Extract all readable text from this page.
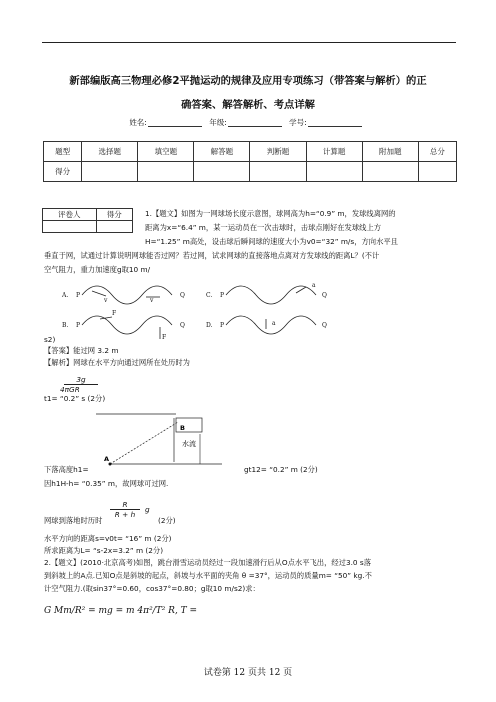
新部编版高三物理必修2平抛运动的规律及应用专项练习（带答案与解析）的正
确答案、解答解析、考点详解
姓名:	年级:	学号:
题型	选择题	填空题	解答题	判断题	计算题	附加题	总分
得分							
评卷人	得分
		1.【题文】如图为一网球场长度示意图，球网高为h=“0.9” m，发球线离网的
距离为x=“6.4” m，某一运动员在一次击球时，击球点刚好在发球线上方
H=“1.25” m高处，设击球后瞬间球的速度大小为v0=“32” m/s，方向水平且
垂直于网，试通过计算说明网球能否过网？若过网，试求网球的直接落地点离对方发球线的距离L？(不计
空气阻力，重力加速度g取10 m/
A.	C.
B.	D.
P	Q	P	Q
P	Q	P	Q
v	v
a
F
F
a
s2)
【答案】能过网 3.2 m
【解析】网球在水平方向通过网所在处历时为
3g
4πGR
t1= “0.2” s (2分)
B
A
水流
下落高度h1=	gt12= “0.2” m (2分)
因h1H-h= “0.35” m，故网球可过网.
网球到落地时历时
R
R + h
g
(2分)
水平方向的距离s=v0t= “16” m (2分)
所求距离为L= “s-2x=3.2” m (2分)
2.【题文】(2010·北京高考)如图，跳台滑雪运动员经过一段加速滑行后从O点水平飞出，经过3.0 s落
到斜坡上的A点.已知O点是斜坡的起点，斜坡与水平面的夹角 θ =37°，运动员的质量m= “50” kg.不
计空气阻力.(取sin37°=0.60，cos37°=0.80；g取10 m/s2)求：
G Mm/R² = mg = m 4π²/T² R, T =
试卷第 12 页共 12 页
